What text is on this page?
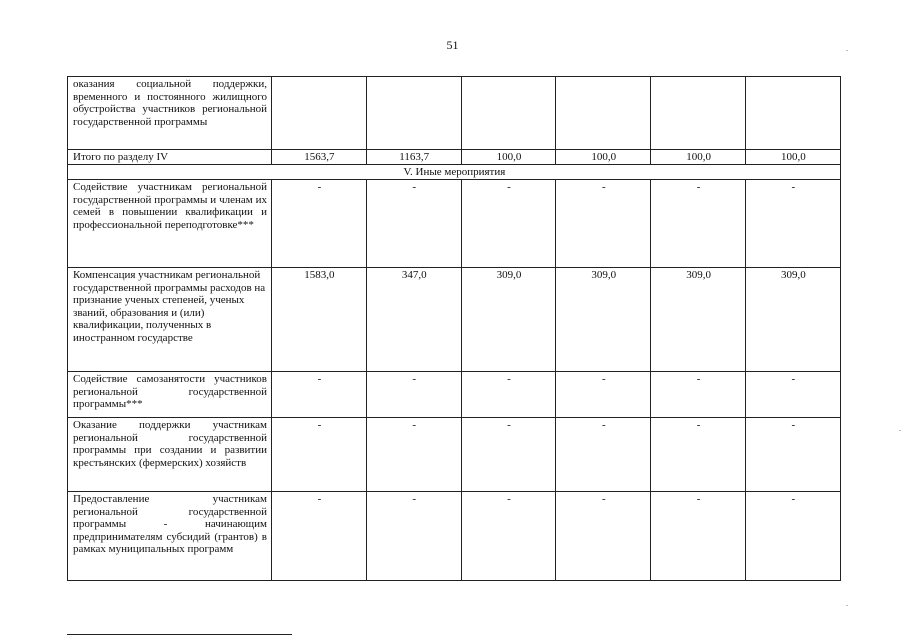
51
оказания социальной поддержки, временного и постоянного жилищного обустройства участников региональной государственной программы						
Итого по разделу IV	1563,7	1163,7	100,0	100,0	100,0	100,0
V. Иные мероприятия						
Содействие участникам региональной государственной программы и членам их семей в повышении квалификации и профессиональной переподготовке***	-	-	-	-	-	-
Компенсация участникам региональной государственной программы расходов на признание ученых степеней, ученых званий, образования и (или) квалификации, полученных в иностранном государстве	1583,0	347,0	309,0	309,0	309,0	309,0
Содействие самозанятости участников региональной государственной программы***	-	-	-	-	-	-
Оказание поддержки участникам региональной государственной программы при создании и развитии крестьянских (фермерских) хозяйств	-	-	-	-	-	-
Предоставление участникам региональной государственной программы - начинающим предпринимателям субсидий (грантов) в рамках муниципальных программ	-	-	-	-	-	-
